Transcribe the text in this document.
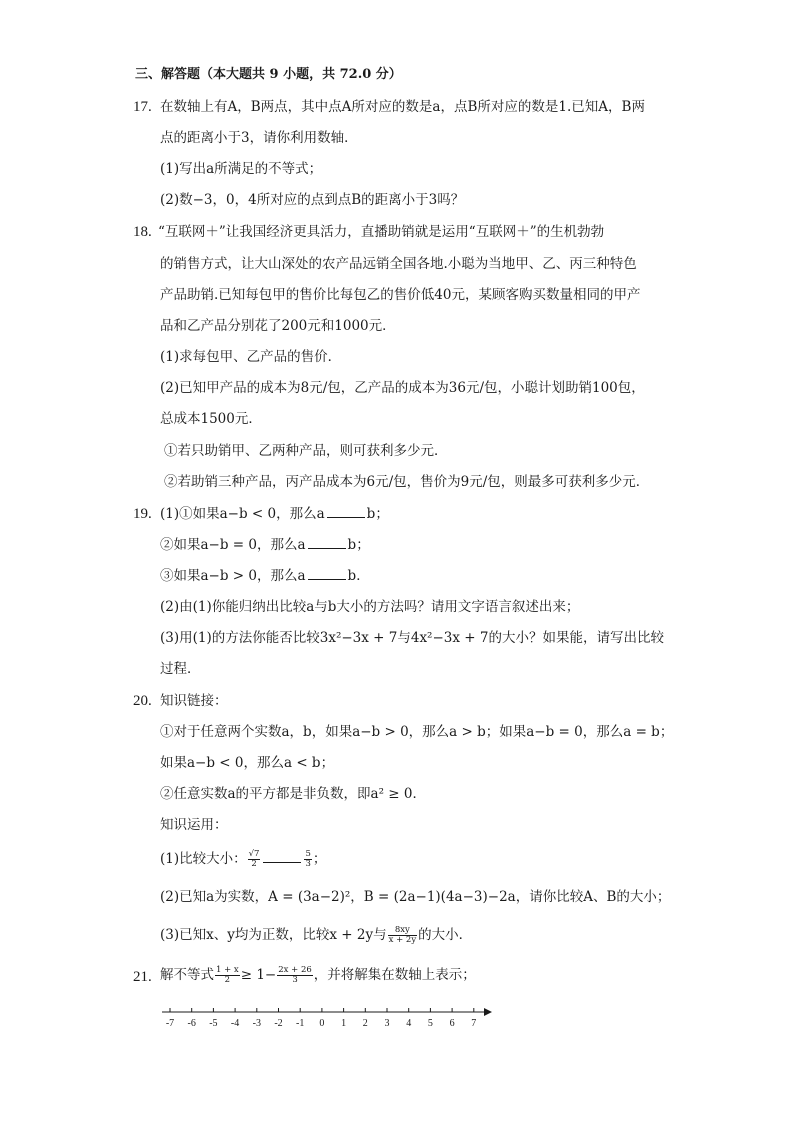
三、解答题（本大题共 9 小题，共 72.0 分）
17. 在数轴上有A，B两点，其中点A所对应的数是a，点B所对应的数是1.已知A，B两
点的距离小于3，请你利用数轴．
(1)写出a所满足的不等式；
(2)数−3，0，4所对应的点到点B的距离小于3吗？
18. “互联网＋”让我国经济更具活力，直播助销就是运用“互联网＋”的生机勃勃
的销售方式，让大山深处的农产品远销全国各地.小聪为当地甲、乙、丙三种特色
产品助销.已知每包甲的售价比每包乙的售价低40元，某顾客购买数量相同的甲产
品和乙产品分别花了200元和1000元．
(1)求每包甲、乙产品的售价．
(2)已知甲产品的成本为8元/包，乙产品的成本为36元/包，小聪计划助销100包，
总成本1500元．
①若只助销甲、乙两种产品，则可获利多少元．
②若助销三种产品，丙产品成本为6元/包，售价为9元/包，则最多可获利多少元．
19. (1)①如果a−b < 0，那么a	b；
②如果a−b = 0，那么a	b；
③如果a−b > 0，那么a	b．
(2)由(1)你能归纳出比较a与b大小的方法吗？请用文字语言叙述出来；
(3)用(1)的方法你能否比较3x²−3x + 7与4x²−3x + 7的大小？如果能，请写出比较
过程．
20. 知识链接：
①对于任意两个实数a，b，如果a−b > 0，那么a > b；如果a−b = 0，那么a = b；
如果a−b < 0，那么a < b；
②任意实数a的平方都是非负数，即a² ≥ 0．
知识运用：
(1)比较大小： $\frac{√7}{2}$	$\frac{5}{3}$ ；
(2)已知a为实数，A = (3a−2)²，B = (2a−1)(4a−3)−2a，请你比较A、B的大小；
(3)已知x、y均为正数，比较x + 2y与 $\frac{8xy}{x + 2y}$ 的大小．
21. 解不等式 $\frac{1 + x}{2} \ge 1- \frac{2x + 26}{3}$ ，并将解集在数轴上表示；
-7 -6 -5 -4 -3 -2 -1 0 1 2 3 4 5 6 7
